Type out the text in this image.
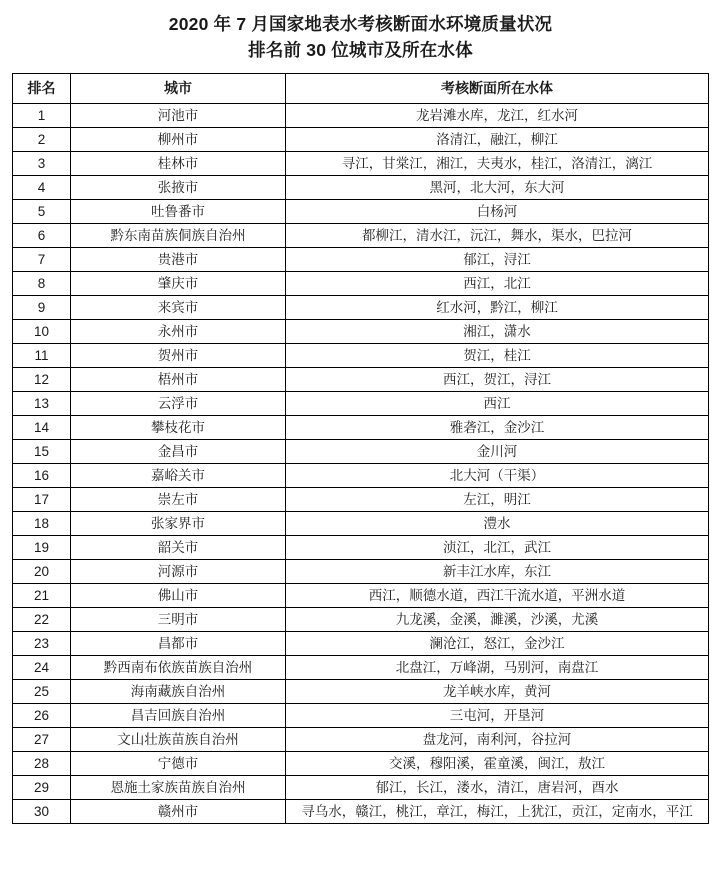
2020 年 7 月国家地表水考核断面水环境质量状况
排名前 30 位城市及所在水体
排名	城市	考核断面所在水体
1	河池市	龙岩滩水库，龙江，红水河

2	柳州市	洛清江，融江，柳江

3	桂林市	寻江，甘棠江，湘江，夫夷水，桂江，洛清江，漓江

4	张掖市	黑河，北大河，东大河

5	吐鲁番市	白杨河

6	黔东南苗族侗族自治州	都柳江，清水江，沅江，舞水，渠水，巴拉河

7	贵港市	郁江，浔江

8	肇庆市	西江，北江

9	来宾市	红水河，黔江，柳江

10	永州市	湘江，潇水

11	贺州市	贺江，桂江

12	梧州市	西江，贺江，浔江

13	云浮市	西江

14	攀枝花市	雅砻江，金沙江

15	金昌市	金川河

16	嘉峪关市	北大河（干渠）

17	崇左市	左江，明江

18	张家界市	澧水

19	韶关市	浈江，北江，武江

20	河源市	新丰江水库，东江

21	佛山市	西江，顺德水道，西江干流水道，平洲水道

22	三明市	九龙溪，金溪，濉溪，沙溪，尤溪

23	昌都市	澜沧江，怒江，金沙江

24	黔西南布依族苗族自治州	北盘江，万峰湖，马别河，南盘江

25	海南藏族自治州	龙羊峡水库，黄河

26	昌吉回族自治州	三屯河，开垦河

27	文山壮族苗族自治州	盘龙河，南利河，谷拉河

28	宁德市	交溪，穆阳溪，霍童溪，闽江，敖江

29	恩施土家族苗族自治州	郁江，长江，溇水，清江，唐岩河，酉水

30	赣州市	寻乌水，赣江，桃江，章江，梅江，上犹江，贡江，定南水，平江
